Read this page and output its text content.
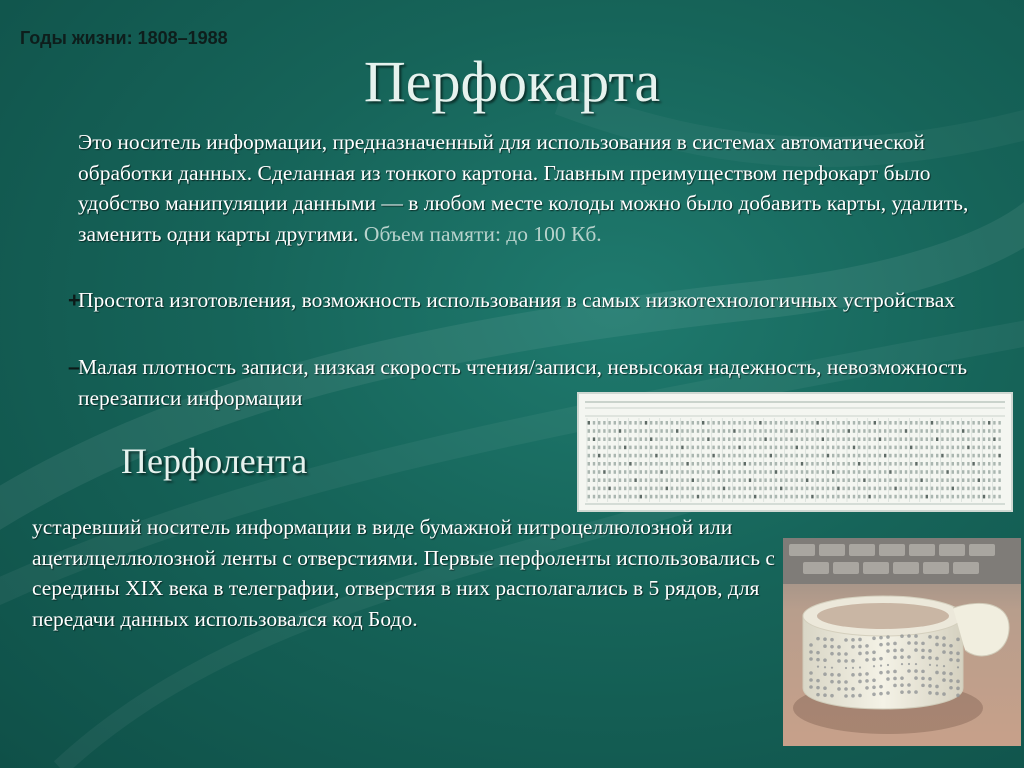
Годы жизни: 1808–1988
Перфокарта
Это носитель информации, предназначенный для использования в системах автоматической обработки данных. Сделанная из тонкого картона. Главным преимуществом перфокарт было удобство манипуляции данными — в любом месте колоды можно было добавить карты, удалить, заменить одни карты другими. Объем памяти: до 100 Кб.
+
Простота изготовления, возможность использования в самых низкотехнологичных устройствах
–
Малая плотность записи, низкая скорость чтения/записи, невысокая надежность, невозможность перезаписи информации
Перфолента
устаревший носитель информации в виде бумажной нитроцеллюлозной или ацетилцеллюлозной ленты с отверстиями. Первые перфоленты использовались с середины XIX века в телеграфии, отверстия в них располагались в 5 рядов, для передачи данных использовался код Бодо.
